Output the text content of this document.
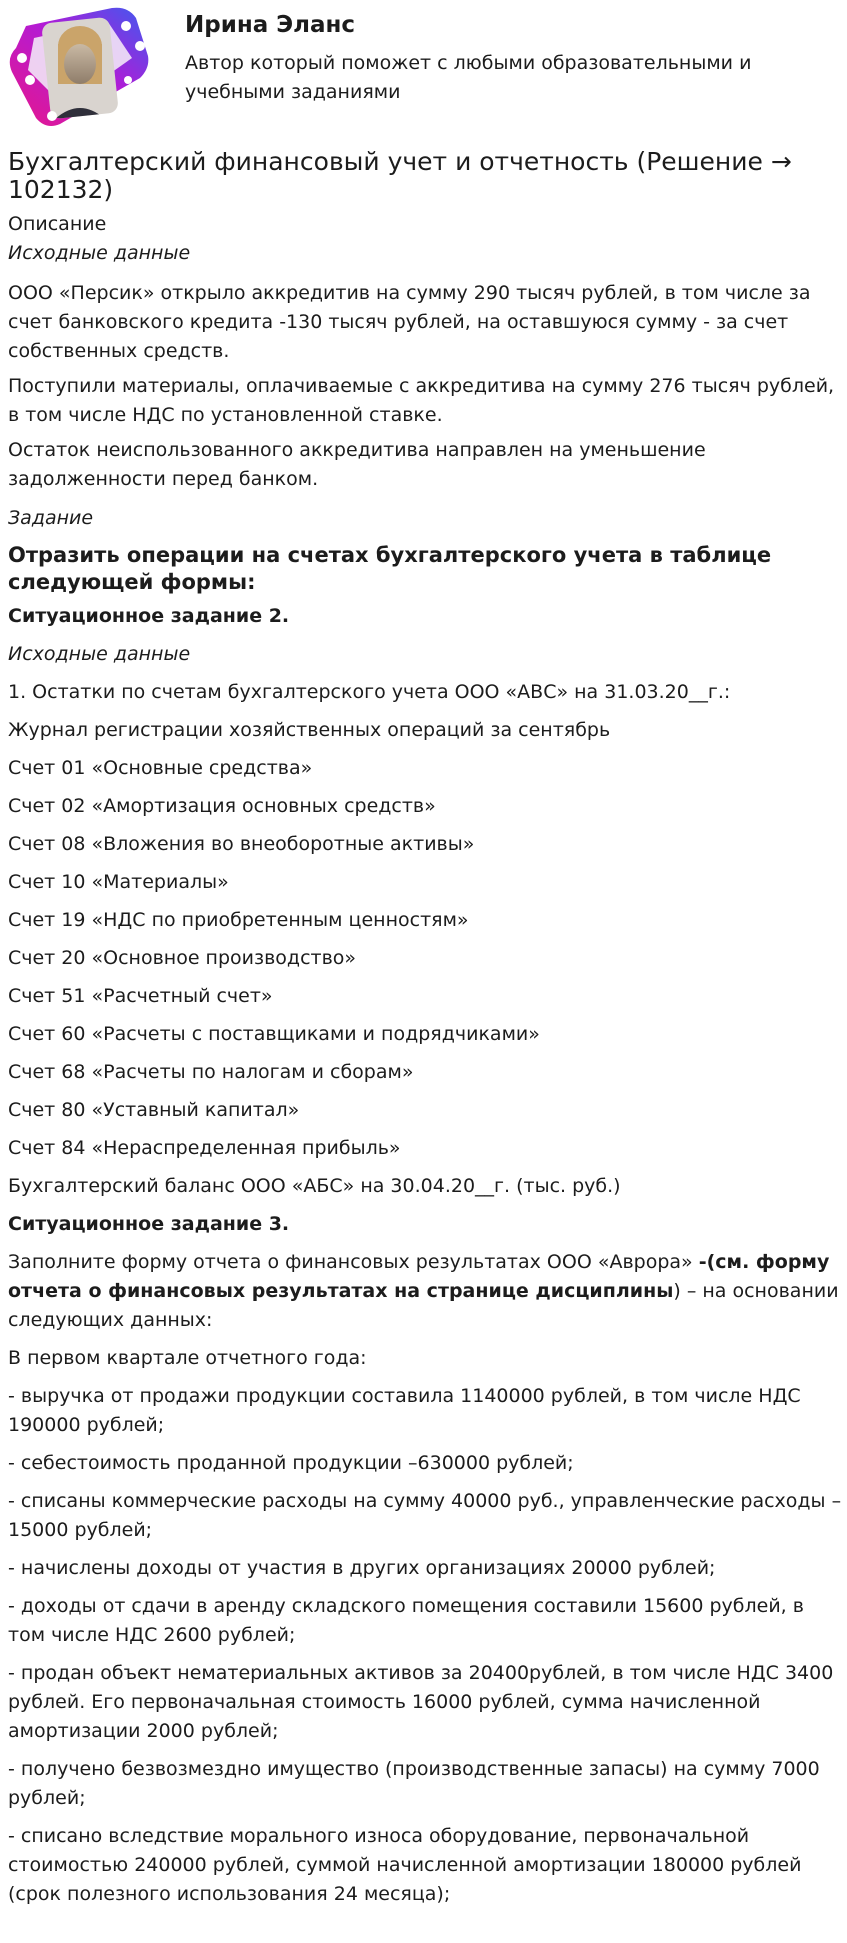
Ирина Эланс
Автор который поможет с любыми образовательными и учебными заданиями
Бухгалтерский финансовый учет и отчетность (Решение → 102132)

Описание

Исходные данные

ООО «Персик» открыло аккредитив на сумму 290 тысяч рублей, в том числе за счет банковского кредита -130 тысяч рублей, на оставшуюся сумму - за счет собственных средств.

Поступили материалы, оплачиваемые с аккредитива на сумму 276 тысяч рублей, в том числе НДС по установленной ставке.

Остаток неиспользованного аккредитива направлен на уменьшение задолженности перед банком.

Задание

Отразить операции на счетах бухгалтерского учета в таблице следующей формы:

Ситуационное задание 2.

Исходные данные

1. Остатки по счетам бухгалтерского учета ООО «АВС» на 31.03.20__г.:

Журнал регистрации хозяйственных операций за сентябрь

Счет 01 «Основные средства»

Счет 02 «Амортизация основных средств»

Счет 08 «Вложения во внеоборотные активы»

Счет 10 «Материалы»

Счет 19 «НДС по приобретенным ценностям»

Счет 20 «Основное производство»

Счет 51 «Расчетный счет»

Счет 60 «Расчеты с поставщиками и подрядчиками»

Счет 68 «Расчеты по налогам и сборам»

Счет 80 «Уставный капитал»

Счет 84 «Нераспределенная прибыль»

Бухгалтерский баланс ООО «АБС» на 30.04.20__г. (тыс. руб.)

Ситуационное задание 3.

Заполните форму отчета о финансовых результатах ООО «Аврора» -(см. форму отчета о финансовых результатах на странице дисциплины) – на основании следующих данных:

В первом квартале отчетного года:

- выручка от продажи продукции составила 1140000 рублей, в том числе НДС 190000 рублей;

- себестоимость проданной продукции –630000 рублей;

- списаны коммерческие расходы на сумму 40000 руб., управленческие расходы –15000 рублей;

- начислены доходы от участия в других организациях 20000 рублей;

- доходы от сдачи в аренду складского помещения составили 15600 рублей, в том числе НДС 2600 рублей;

- продан объект нематериальных активов за 20400рублей, в том числе НДС 3400 рублей. Его первоначальная стоимость 16000 рублей, сумма начисленной амортизации 2000 рублей;

- получено безвозмездно имущество (производственные запасы) на сумму 7000 рублей;

- списано вследствие морального износа оборудование, первоначальной стоимостью 240000 рублей, суммой начисленной амортизации 180000 рублей (срок полезного использования 24 месяца);
